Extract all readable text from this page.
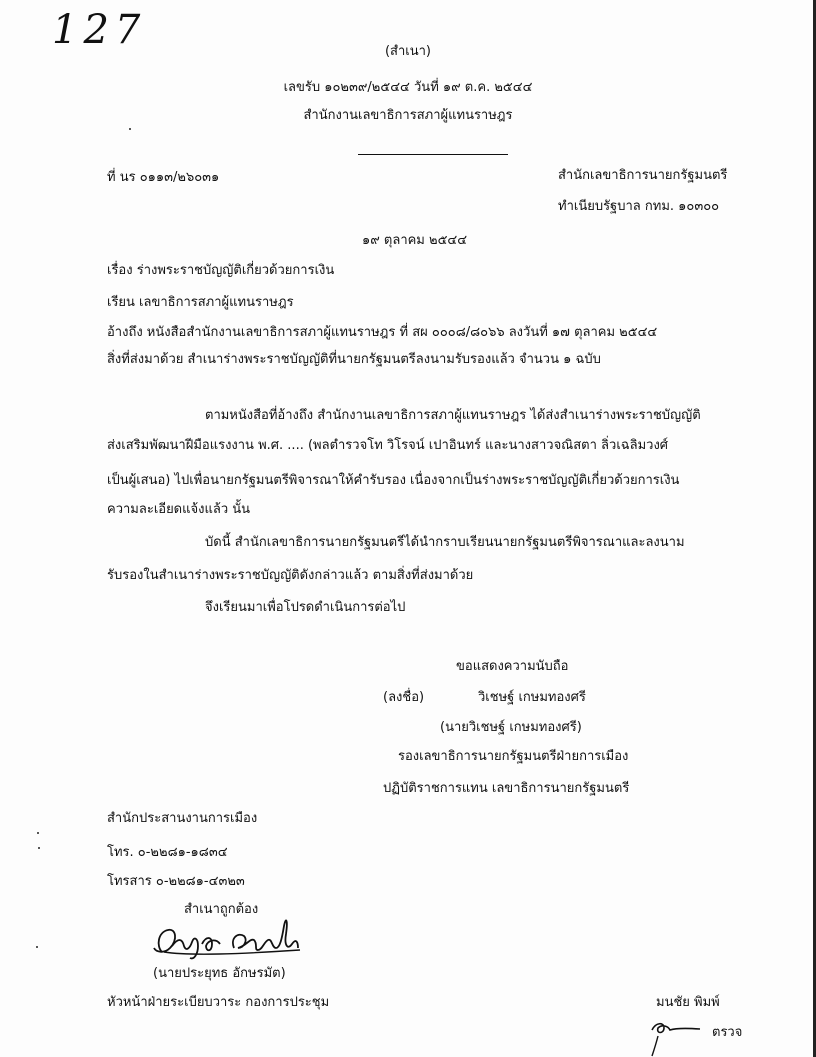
127	(สำเนา)
เลขรับ ๑๐๒๓๙/๒๕๔๔ วันที่ ๑๙ ต.ค. ๒๕๔๔
สำนักงานเลขาธิการสภาผู้แทนราษฎร
ที่ นร ๐๑๑๓/๒๖๐๓๑	สำนักเลขาธิการนายกรัฐมนตรี
ทำเนียบรัฐบาล กทม. ๑๐๓๐๐
๑๙ ตุลาคม ๒๕๔๔
เรื่อง ร่างพระราชบัญญัติเกี่ยวด้วยการเงิน
เรียน เลขาธิการสภาผู้แทนราษฎร
อ้างถึง หนังสือสำนักงานเลขาธิการสภาผู้แทนราษฎร ที่ สผ ๐๐๐๘/๘๐๖๖ ลงวันที่ ๑๗ ตุลาคม ๒๕๔๔
สิ่งที่ส่งมาด้วย สำเนาร่างพระราชบัญญัติที่นายกรัฐมนตรีลงนามรับรองแล้ว จำนวน ๑ ฉบับ
ตามหนังสือที่อ้างถึง สำนักงานเลขาธิการสภาผู้แทนราษฎร ได้ส่งสำเนาร่างพระราชบัญญัติ
ส่งเสริมพัฒนาฝีมือแรงงาน พ.ศ. .... (พลตำรวจโท วิโรจน์ เปาอินทร์ และนางสาวจณิสตา ลิ่วเฉลิมวงศ์
เป็นผู้เสนอ) ไปเพื่อนายกรัฐมนตรีพิจารณาให้คำรับรอง เนื่องจากเป็นร่างพระราชบัญญัติเกี่ยวด้วยการเงิน
ความละเอียดแจ้งแล้ว นั้น
บัดนี้ สำนักเลขาธิการนายกรัฐมนตรีได้นำกราบเรียนนายกรัฐมนตรีพิจารณาและลงนาม
รับรองในสำเนาร่างพระราชบัญญัติดังกล่าวแล้ว ตามสิ่งที่ส่งมาด้วย
จึงเรียนมาเพื่อโปรดดำเนินการต่อไป
ขอแสดงความนับถือ
(ลงชื่อ)	วิเชษฐ์ เกษมทองศรี
(นายวิเชษฐ์ เกษมทองศรี)
รองเลขาธิการนายกรัฐมนตรีฝ่ายการเมือง
ปฏิบัติราชการแทน เลขาธิการนายกรัฐมนตรี
สำนักประสานงานการเมือง
โทร. ๐-๒๒๘๑-๑๘๓๔
โทรสาร ๐-๒๒๘๑-๔๓๒๓
สำเนาถูกต้อง
(นายประยุทธ อักษรมัต)
หัวหน้าฝ่ายระเบียบวาระ กองการประชุม	มนชัย พิมพ์
ตรวจ
